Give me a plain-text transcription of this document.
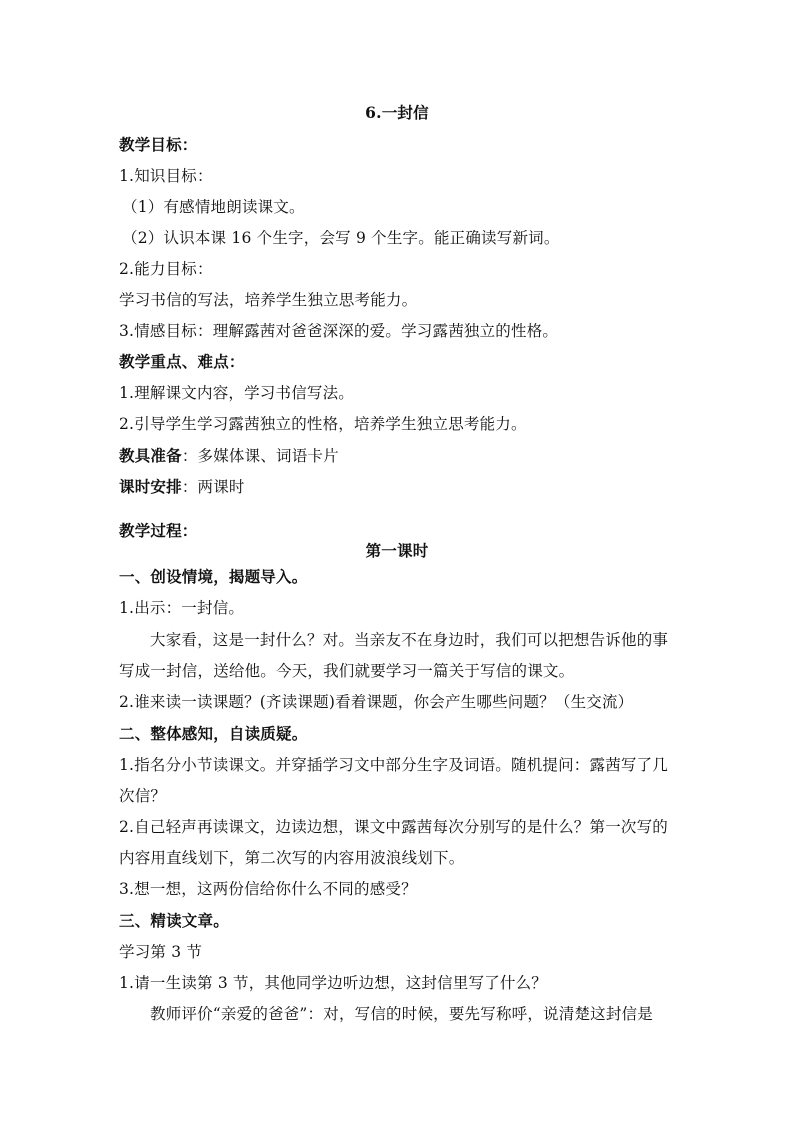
6.一封信
教学目标：
1.知识目标：
（1）有感情地朗读课文。
（2）认识本课 16 个生字，会写 9 个生字。能正确读写新词。
2.能力目标：
学习书信的写法，培养学生独立思考能力。
3.情感目标：理解露茜对爸爸深深的爱。学习露茜独立的性格。
教学重点、难点：
1.理解课文内容，学习书信写法。
2.引导学生学习露茜独立的性格，培养学生独立思考能力。
教具准备：多媒体课、词语卡片
课时安排：两课时
教学过程：
第一课时
一、创设情境，揭题导入。
1.出示：一封信。
大家看，这是一封什么？对。当亲友不在身边时，我们可以把想告诉他的事
写成一封信，送给他。今天，我们就要学习一篇关于写信的课文。
2.谁来读一读课题？(齐读课题)看着课题，你会产生哪些问题？（生交流）
二、整体感知，自读质疑。
1.指名分小节读课文。并穿插学习文中部分生字及词语。随机提问：露茜写了几
次信？
2.自己轻声再读课文，边读边想，课文中露茜每次分别写的是什么？第一次写的
内容用直线划下，第二次写的内容用波浪线划下。
3.想一想，这两份信给你什么不同的感受？
三、精读文章。
学习第 3 节
1.请一生读第 3 节，其他同学边听边想，这封信里写了什么？
教师评价“亲爱的爸爸”：对，写信的时候，要先写称呼，说清楚这封信是
